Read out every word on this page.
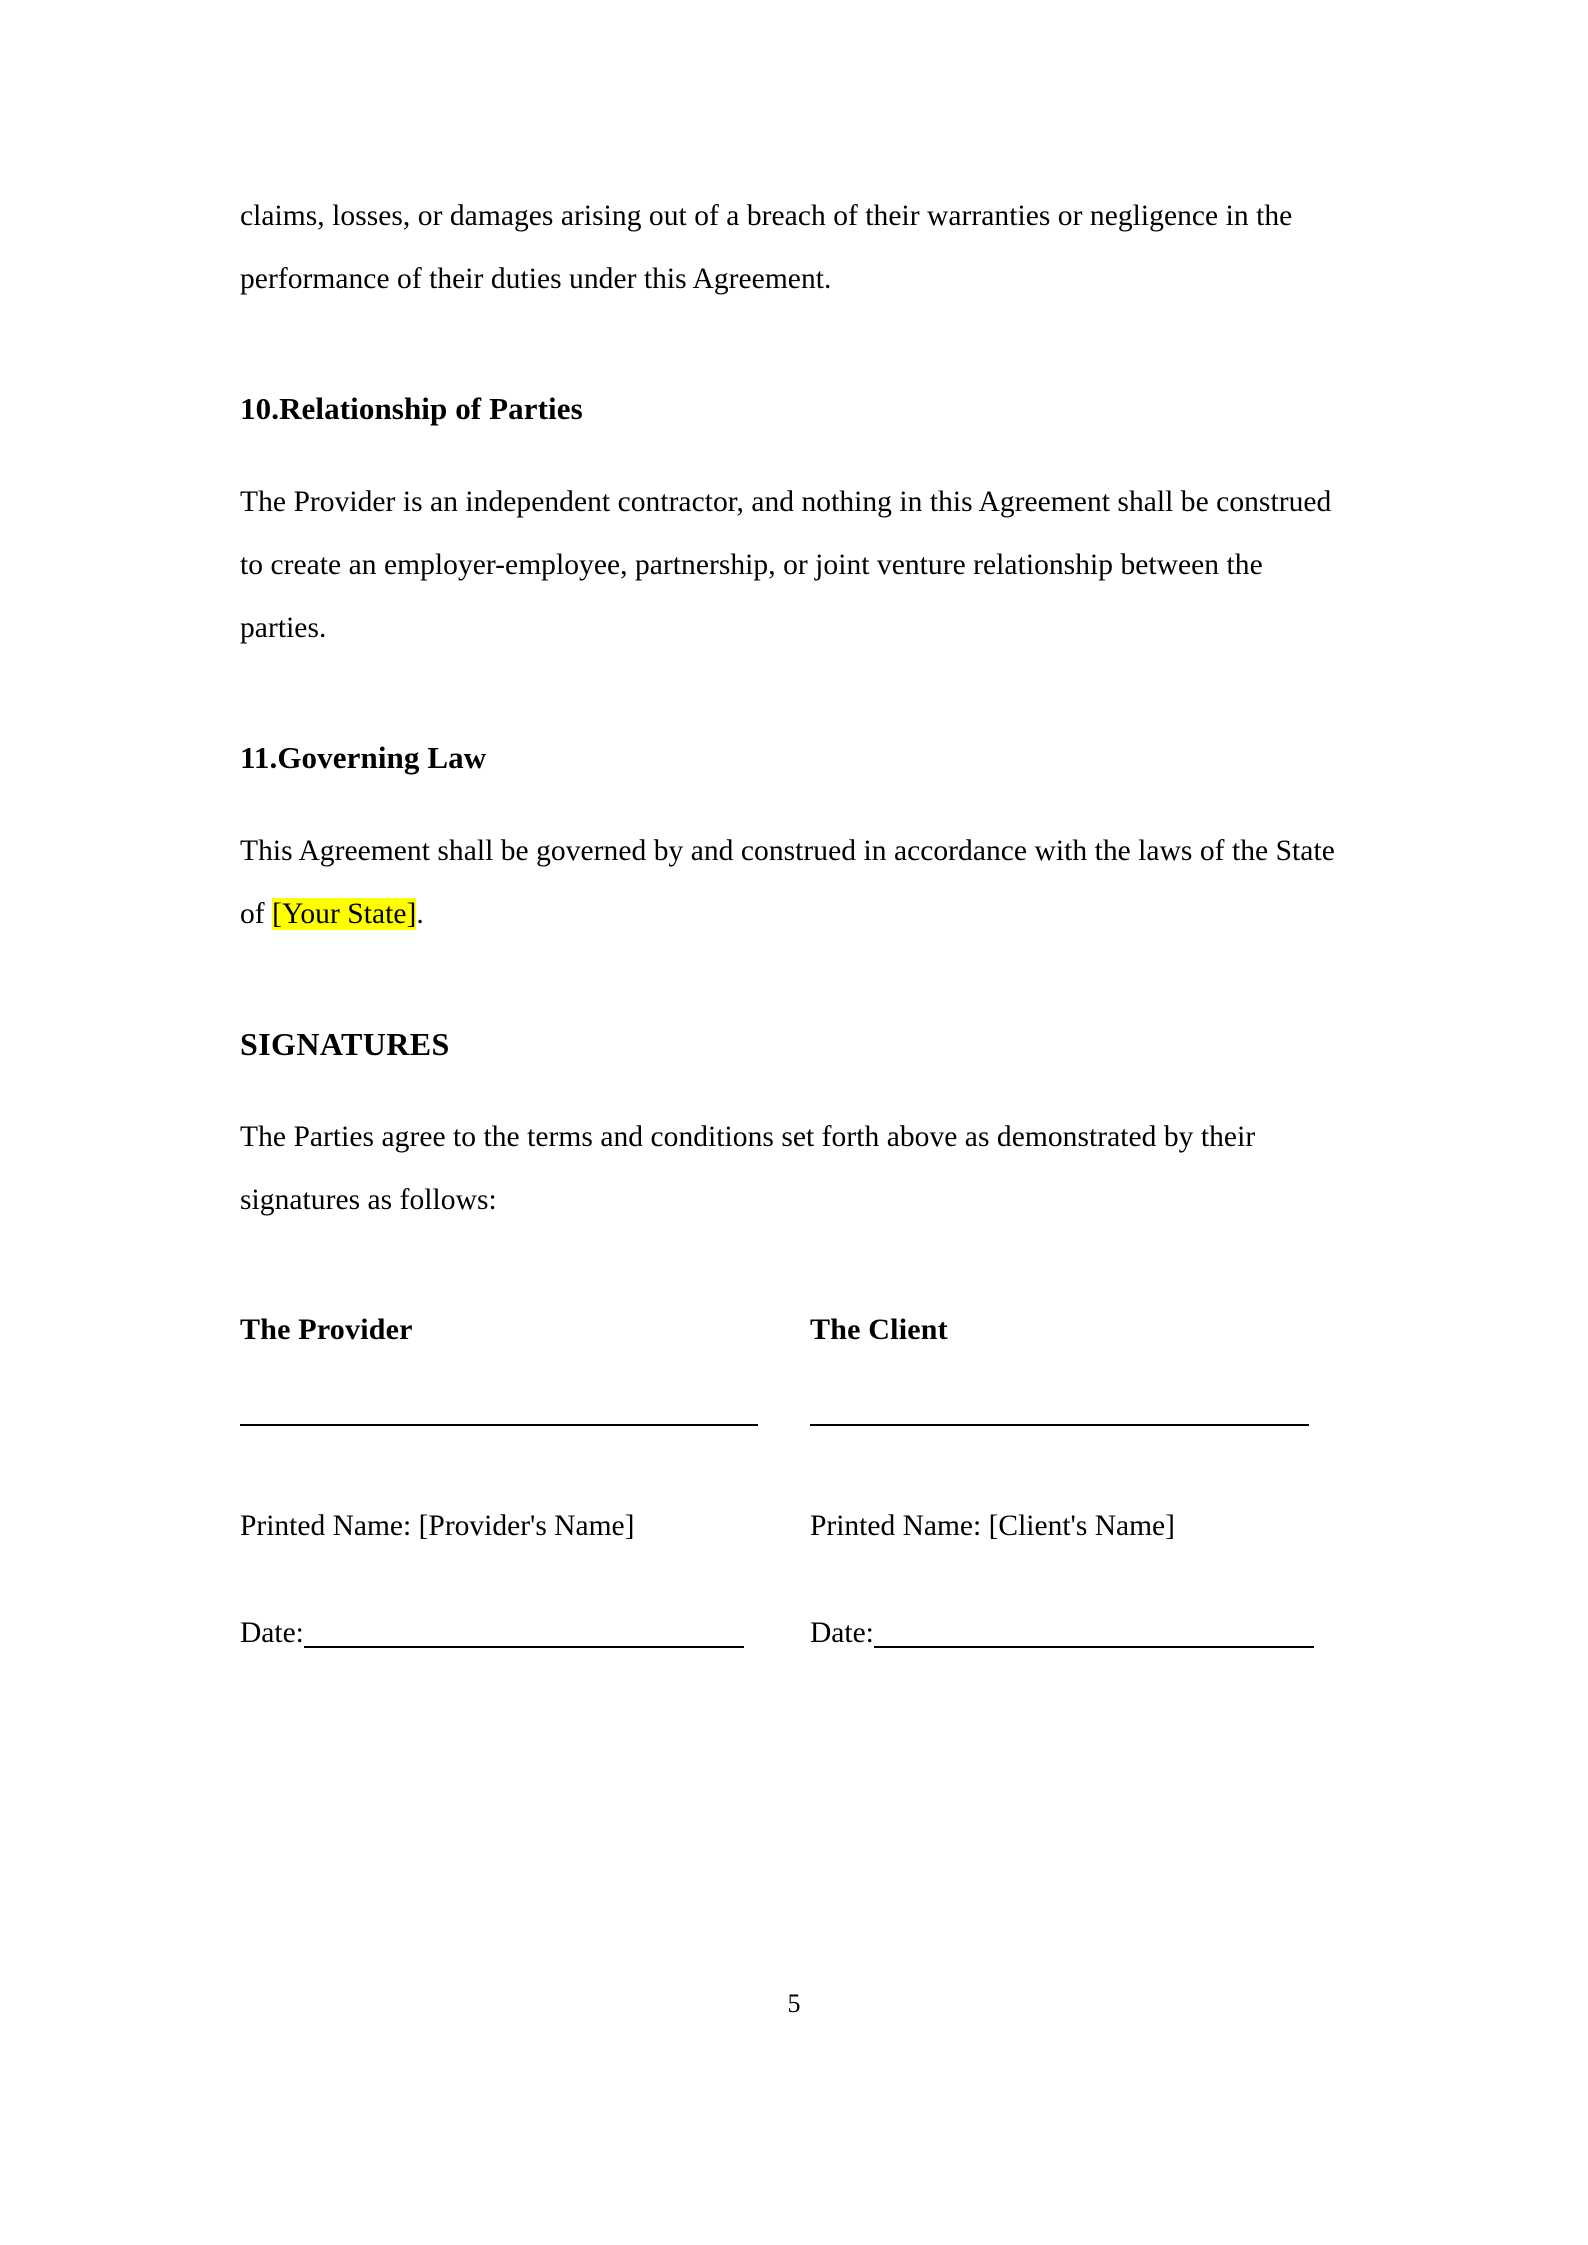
claims, losses, or damages arising out of a breach of their warranties or negligence in the performance of their duties under this Agreement.

10.Relationship of Parties

The Provider is an independent contractor, and nothing in this Agreement shall be construed to create an employer-employee, partnership, or joint venture relationship between the parties.

11.Governing Law

This Agreement shall be governed by and construed in accordance with the laws of the State of [Your State].

SIGNATURES

The Parties agree to the terms and conditions set forth above as demonstrated by their signatures as follows:

The Provider	The Client
Printed Name: [Provider's Name]	Printed Name: [Client's Name]
Date:	Date:
5
